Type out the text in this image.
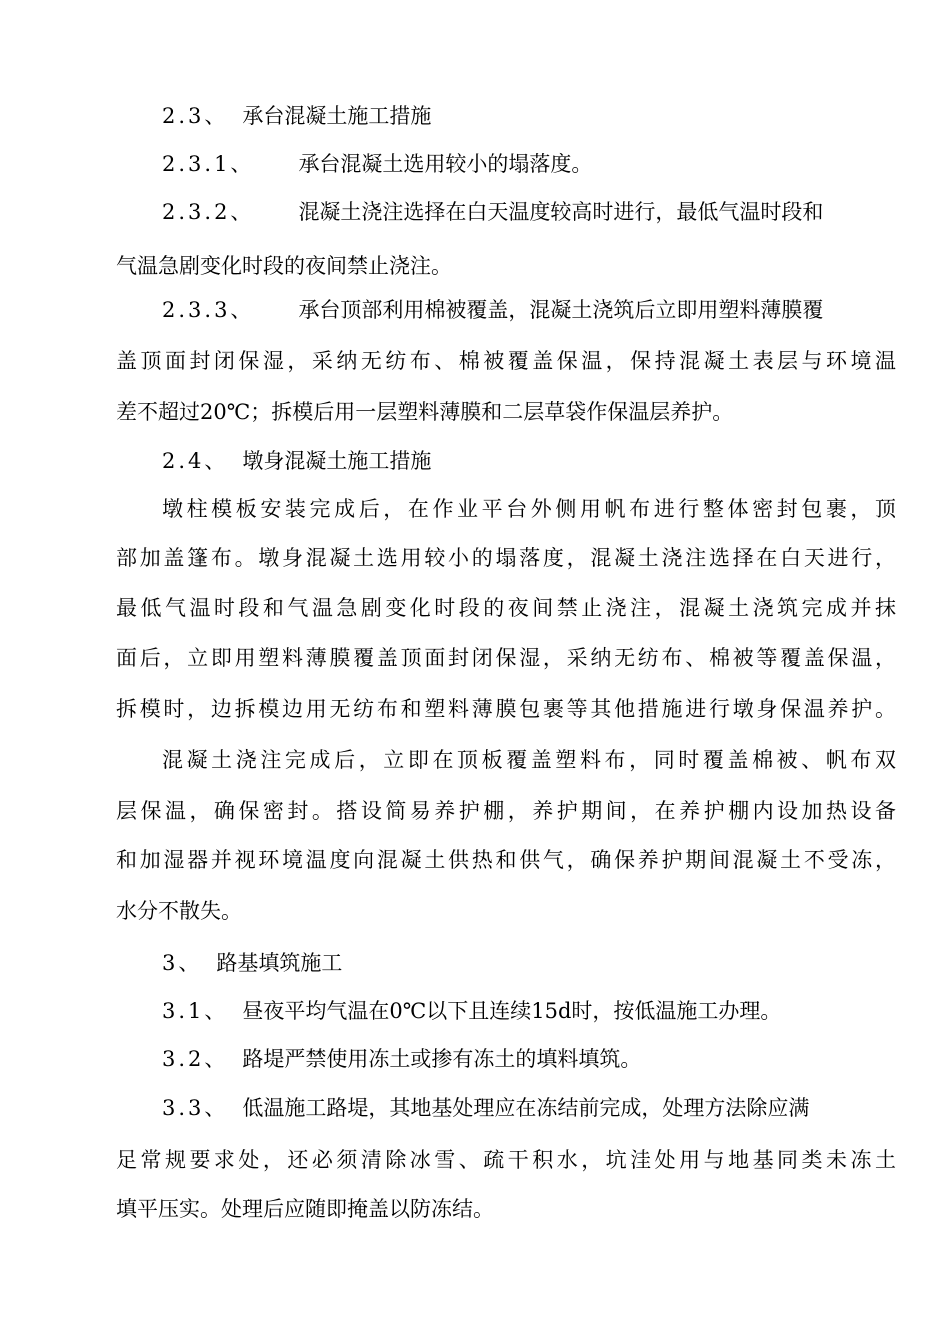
2.3、 承台混凝土施工措施
2.3.1、 承台混凝土选用较小的塌落度。
2.3.2、 混凝土浇注选择在白天温度较高时进行，最低气温时段和
气温急剧变化时段的夜间禁止浇注。
2.3.3、 承台顶部利用棉被覆盖，混凝土浇筑后立即用塑料薄膜覆
盖顶面封闭保湿，采纳无纺布、棉被覆盖保温，保持混凝土表层与环境温
差不超过20℃；拆模后用一层塑料薄膜和二层草袋作保温层养护。
2.4、 墩身混凝土施工措施
墩柱模板安装完成后，在作业平台外侧用帆布进行整体密封包裹，顶
部加盖篷布。墩身混凝土选用较小的塌落度，混凝土浇注选择在白天进行，
最低气温时段和气温急剧变化时段的夜间禁止浇注，混凝土浇筑完成并抹
面后，立即用塑料薄膜覆盖顶面封闭保湿，采纳无纺布、棉被等覆盖保温，
拆模时，边拆模边用无纺布和塑料薄膜包裹等其他措施进行墩身保温养护。
混凝土浇注完成后，立即在顶板覆盖塑料布，同时覆盖棉被、帆布双
层保温，确保密封。搭设简易养护棚，养护期间，在养护棚内设加热设备
和加湿器并视环境温度向混凝土供热和供气，确保养护期间混凝土不受冻，
水分不散失。
3、 路基填筑施工
3.1、 昼夜平均气温在0℃以下且连续15d时，按低温施工办理。
3.2、 路堤严禁使用冻土或掺有冻土的填料填筑。
3.3、 低温施工路堤，其地基处理应在冻结前完成，处理方法除应满
足常规要求处，还必须清除冰雪、疏干积水，坑洼处用与地基同类未冻土
填平压实。处理后应随即掩盖以防冻结。
